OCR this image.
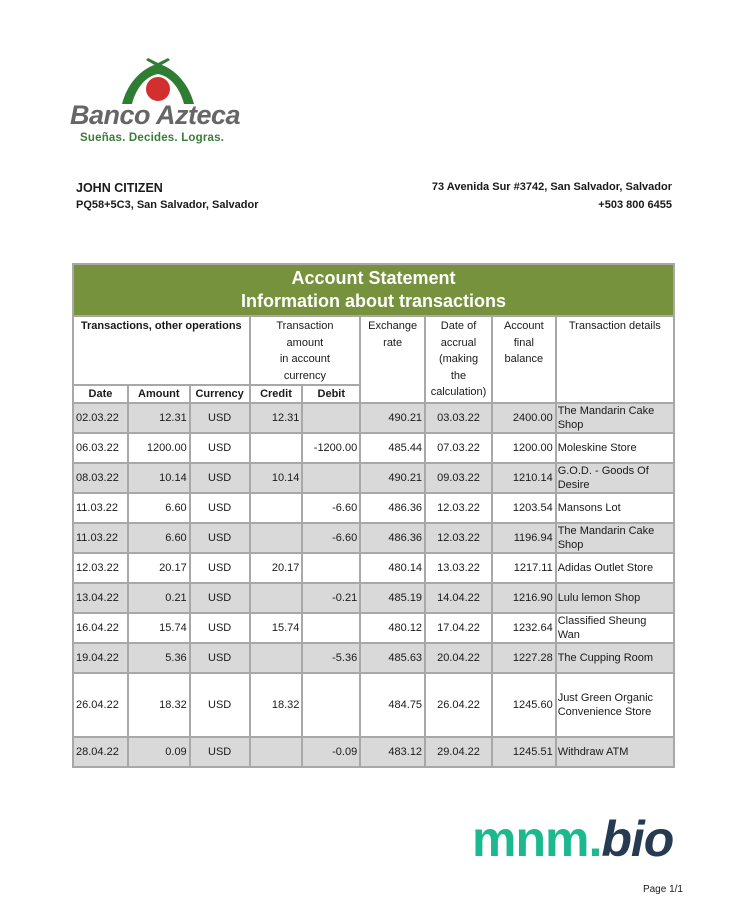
Banco Azteca
Sueñas. Decides. Logras.
JOHN CITIZEN
PQ58+5C3, San Salvador, Salvador
73 Avenida Sur #3742, San Salvador, Salvador
+503 800 6455
Account Statement
Information about transactions								

Transactions, other operations	Transaction
amount
in account
currency

Exchange
rate

Date of
accrual
(making
the
calculation)

Account
final
balance
	Transaction details
Date	Amount	Currency	Credit	Debit				
02.03.22	12.31	USD	12.31		490.21	03.03.22	2400.00	The Mandarin Cake Shop
06.03.22	1200.00	USD		-1200.00	485.44	07.03.22	1200.00	Moleskine Store
08.03.22	10.14	USD	10.14		490.21	09.03.22	1210.14	G.O.D. - Goods Of Desire
11.03.22	6.60	USD		-6.60	486.36	12.03.22	1203.54	Mansons Lot
11.03.22	6.60	USD		-6.60	486.36	12.03.22	1196.94	The Mandarin Cake Shop
12.03.22	20.17	USD	20.17		480.14	13.03.22	1217.11	Adidas Outlet Store
13.04.22	0.21	USD		-0.21	485.19	14.04.22	1216.90	Lulu lemon Shop
16.04.22	15.74	USD	15.74		480.12	17.04.22	1232.64	Classified Sheung Wan
19.04.22	5.36	USD		-5.36	485.63	20.04.22	1227.28	The Cupping Room
26.04.22	18.32	USD	18.32		484.75	26.04.22	1245.60	Just Green Organic Convenience Store
28.04.22	0.09	USD		-0.09	483.12	29.04.22	1245.51	Withdraw ATM
mnm.bio
Page 1/1
